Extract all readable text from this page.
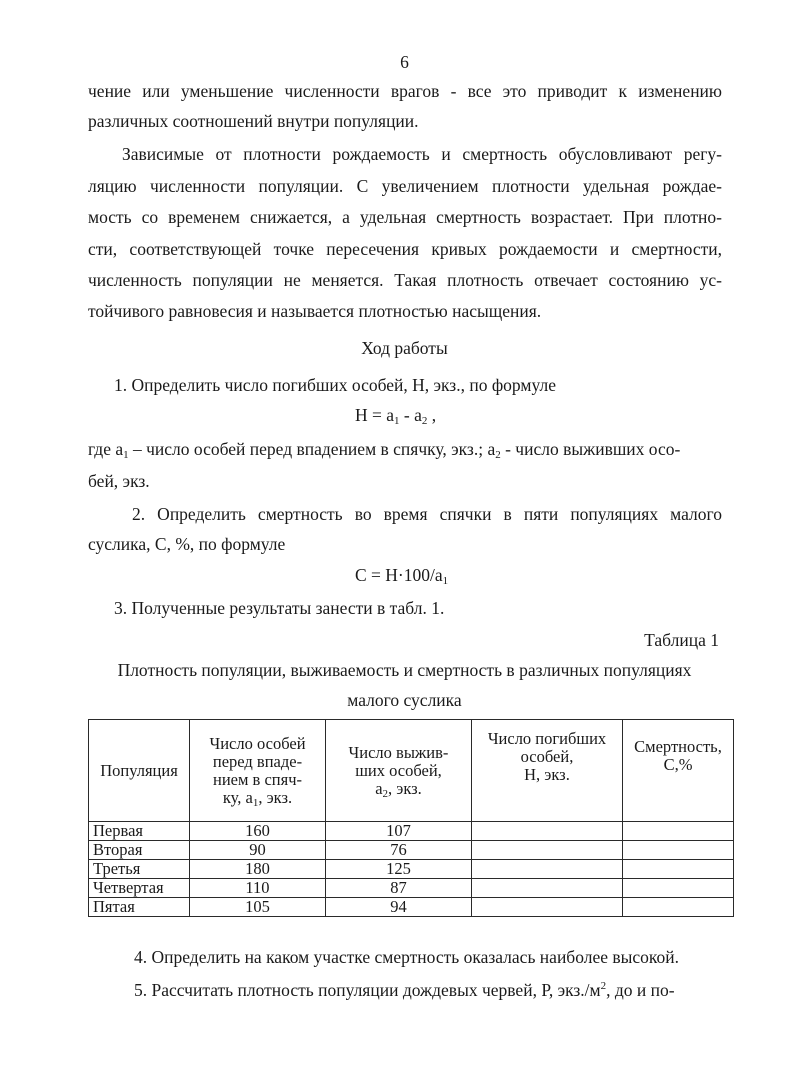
6
чение или уменьшение численности врагов - все это приводит к изменению
различных соотношений внутри популяции.
Зависимые от плотности рождаемость и смертность обусловливают регу-
ляцию численности популяции. С увеличением плотности удельная рождае-
мость со временем снижается, а удельная смертность возрастает. При плотно-
сти, соответствующей точке пересечения кривых рождаемости и смертности,
численность популяции не меняется. Такая плотность отвечает состоянию ус-
тойчивого равновесия и называется плотностью насыщения.
Ход работы
1. Определить число погибших особей, Н, экз., по формуле
$Н = а_1 - а_2$ ,
где $а_1$ – число особей перед впадением в спячку, экз.; $а_2$ - число выживших осо-
бей, экз.
2. Определить смертность во время спячки в пяти популяциях малого
суслика, С, %, по формуле
$С = Н\cdot 100/а_1$
3. Полученные результаты занести в табл. 1.
Таблица 1
Плотность популяции, выживаемость и смертность в различных популяциях
малого суслика
Популяция	
Число особей
перед впаде-
нием в спяч-
ку, $а_1$, экз.

Число выжив-
ших особей,
$а_2$, экз.

Число погибших
особей,
Н, экз.

Смертность,
С,%

Первая	160	107		
Вторая	90	76		
Третья	180	125		
Четвертая	110	87		
Пятая	105	94		
4. Определить на каком участке смертность оказалась наиболее высокой.
5. Рассчитать плотность популяции дождевых червей, Р, $экз./м^2$, до и по-
